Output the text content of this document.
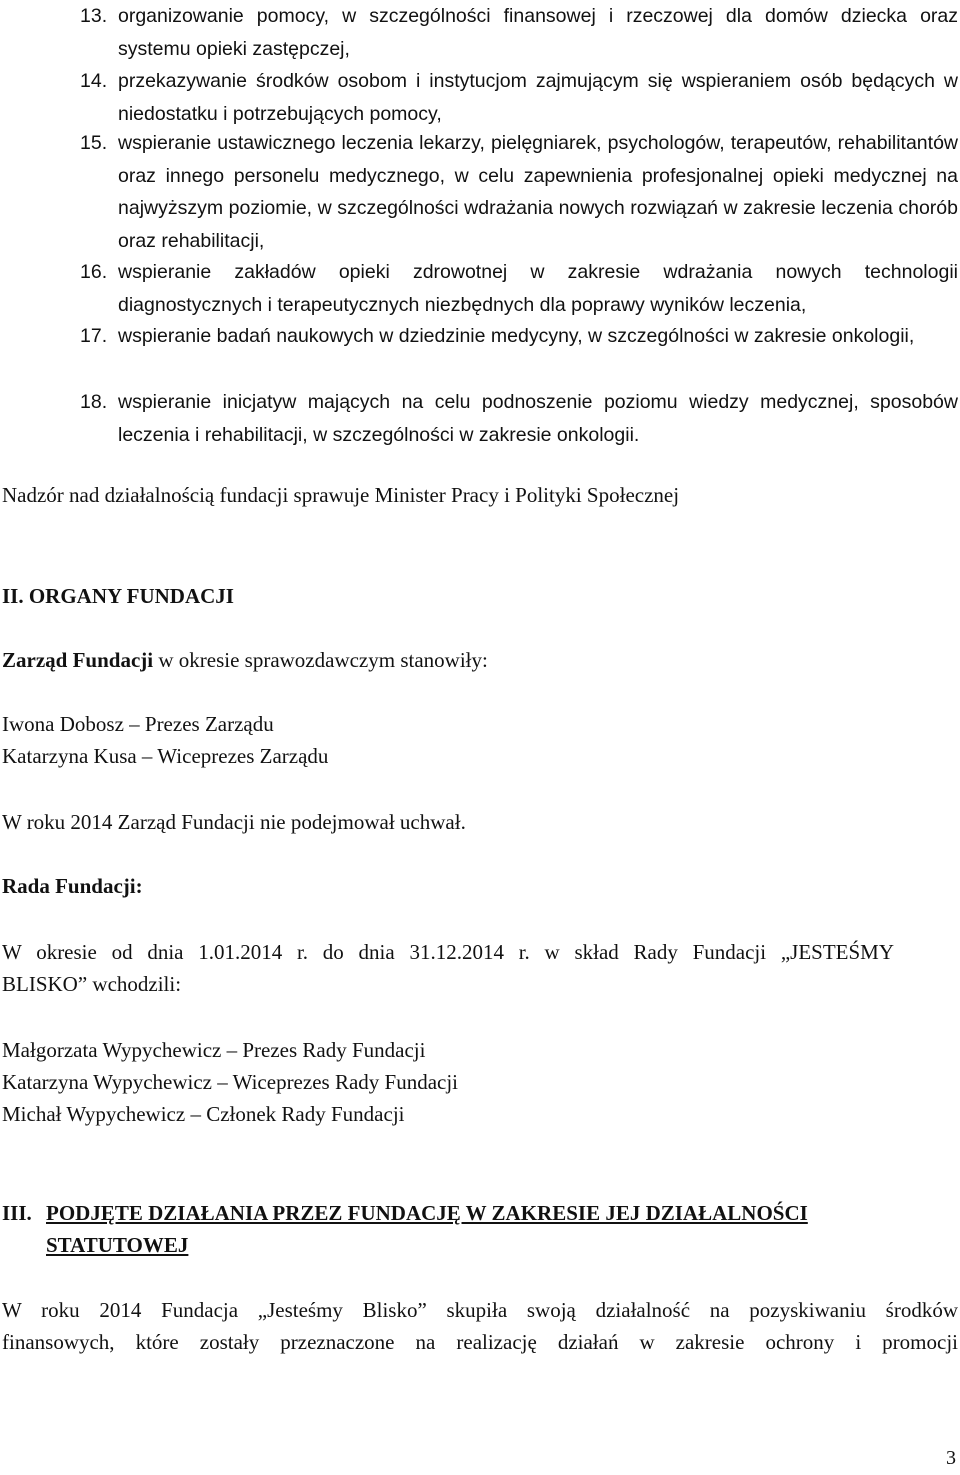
13. organizowanie pomocy, w szczególności finansowej i rzeczowej dla domów dziecka oraz systemu opieki zastępczej,
14. przekazywanie środków osobom i instytucjom zajmującym się wspieraniem osób będących w niedostatku i potrzebujących pomocy,
15. wspieranie ustawicznego leczenia lekarzy, pielęgniarek, psychologów, terapeutów, rehabilitantów oraz innego personelu medycznego, w celu zapewnienia profesjonalnej opieki medycznej na najwyższym poziomie, w szczególności wdrażania nowych rozwiązań w zakresie leczenia chorób oraz rehabilitacji,
16. wspieranie zakładów opieki zdrowotnej w zakresie wdrażania nowych technologii diagnostycznych i terapeutycznych niezbędnych dla poprawy wyników leczenia,
17. wspieranie badań naukowych w dziedzinie medycyny, w szczególności w zakresie onkologii,
18. wspieranie inicjatyw mających na celu podnoszenie poziomu wiedzy medycznej, sposobów leczenia i rehabilitacji, w szczególności w zakresie onkologii.
Nadzór nad działalnością fundacji sprawuje Minister Pracy i Polityki Społecznej
II. ORGANY FUNDACJI
Zarząd Fundacji w okresie sprawozdawczym stanowiły:
Iwona Dobosz – Prezes Zarządu
Katarzyna Kusa – Wiceprezes Zarządu
W roku 2014 Zarząd Fundacji nie podejmował uchwał.
Rada Fundacji:
W okresie od dnia 1.01.2014 r. do dnia 31.12.2014 r. w skład Rady Fundacji „JESTEŚMY
BLISKO” wchodzili:
Małgorzata Wypychewicz – Prezes Rady Fundacji
Katarzyna Wypychewicz – Wiceprezes Rady Fundacji
Michał Wypychewicz – Członek Rady Fundacji
III. PODJĘTE DZIAŁANIA PRZEZ FUNDACJĘ W ZAKRESIE JEJ DZIAŁALNOŚCI
STATUTOWEJ
W roku 2014 Fundacja „Jesteśmy Blisko” skupiła swoją działalność na pozyskiwaniu środków
finansowych, które zostały przeznaczone na realizację działań w zakresie ochrony i promocji
3
